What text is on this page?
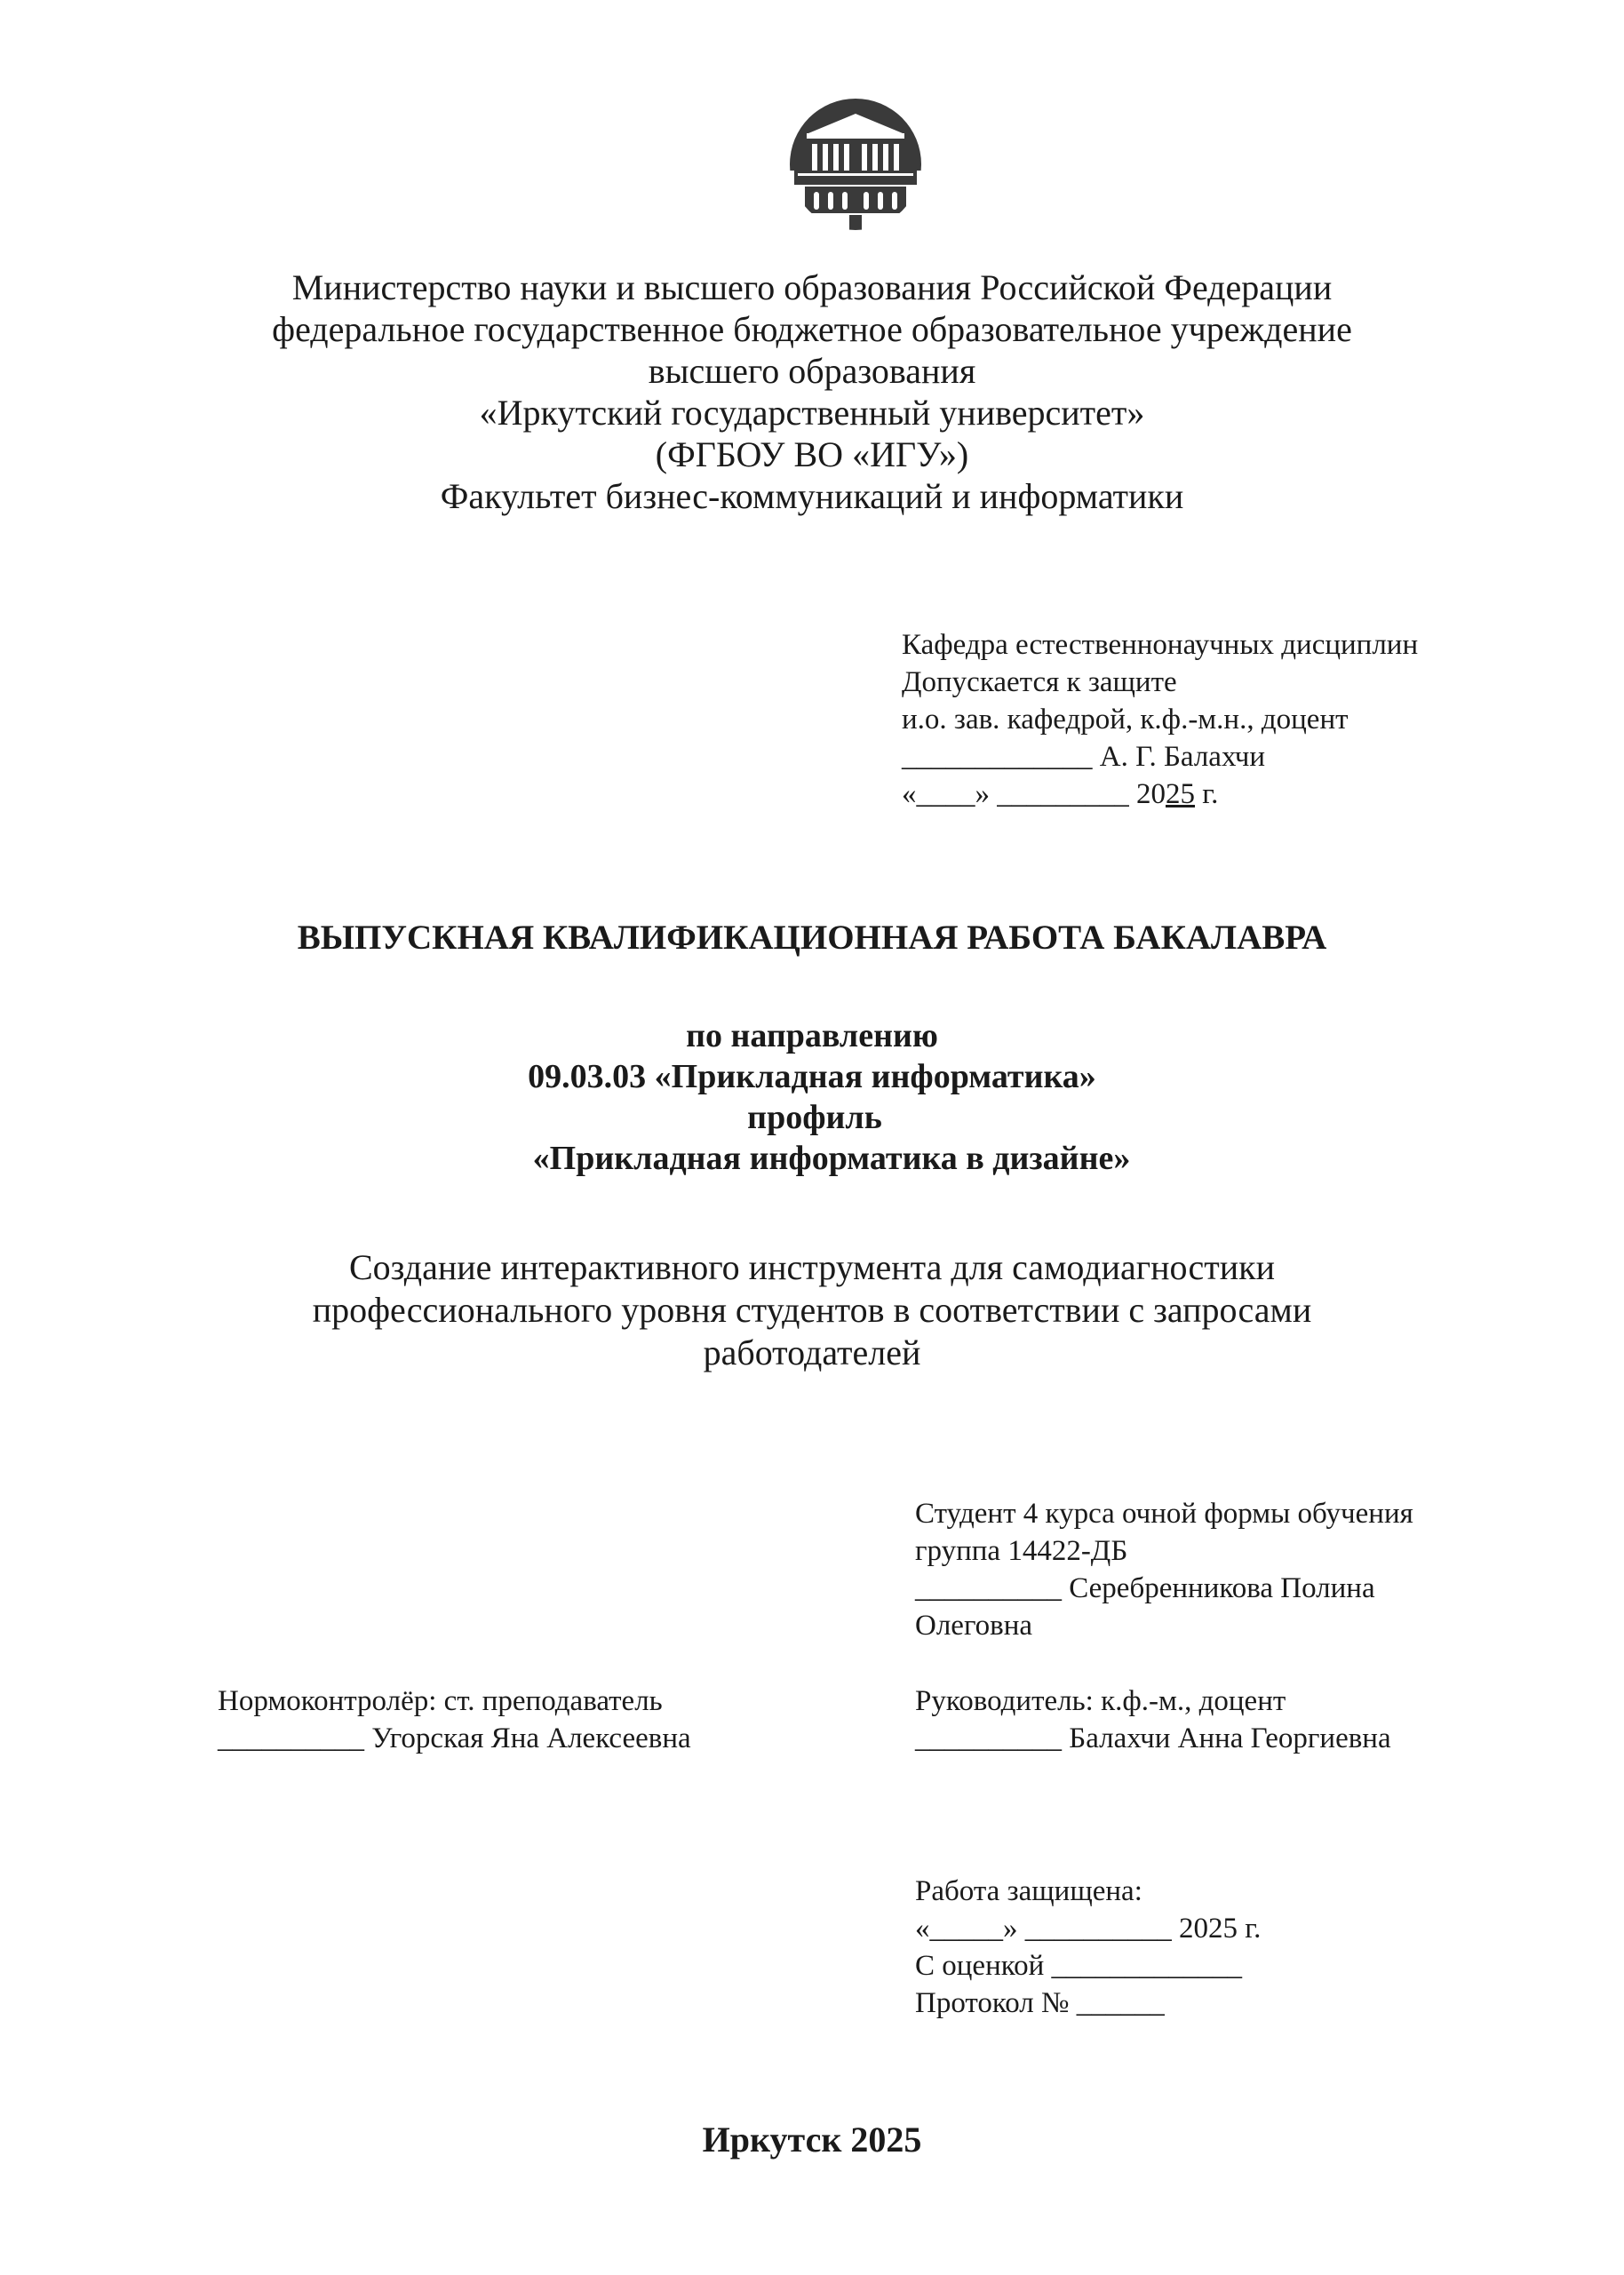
Министерство науки и высшего образования Российской Федерации
федеральное государственное бюджетное образовательное учреждение
высшего образования
«Иркутский государственный университет»
(ФГБОУ ВО «ИГУ»)
Факультет бизнес-коммуникаций и информатики
Кафедра естественнонаучных дисциплин
Допускается к защите
и.о. зав. кафедрой, к.ф.-м.н., доцент
_____________ А. Г. Балахчи
«____» _________ 2025 г.
ВЫПУСКНАЯ КВАЛИФИКАЦИОННАЯ РАБОТА БАКАЛАВРА
по направлению
09.03.03 «Прикладная информатика»
профиль
«Прикладная информатика в дизайне»
Создание интерактивного инструмента для самодиагностики
профессионального уровня студентов в соответствии с запросами
работодателей
Студент 4 курса очной формы обучения
группа 14422-ДБ
__________ Серебренникова Полина
Олеговна
Нормоконтролёр: ст. преподаватель
__________ Угорская Яна Алексеевна
Руководитель: к.ф.-м., доцент
__________ Балахчи Анна Георгиевна
Работа защищена:
«_____» __________ 2025 г.
С оценкой _____________
Протокол № ______
Иркутск 2025
